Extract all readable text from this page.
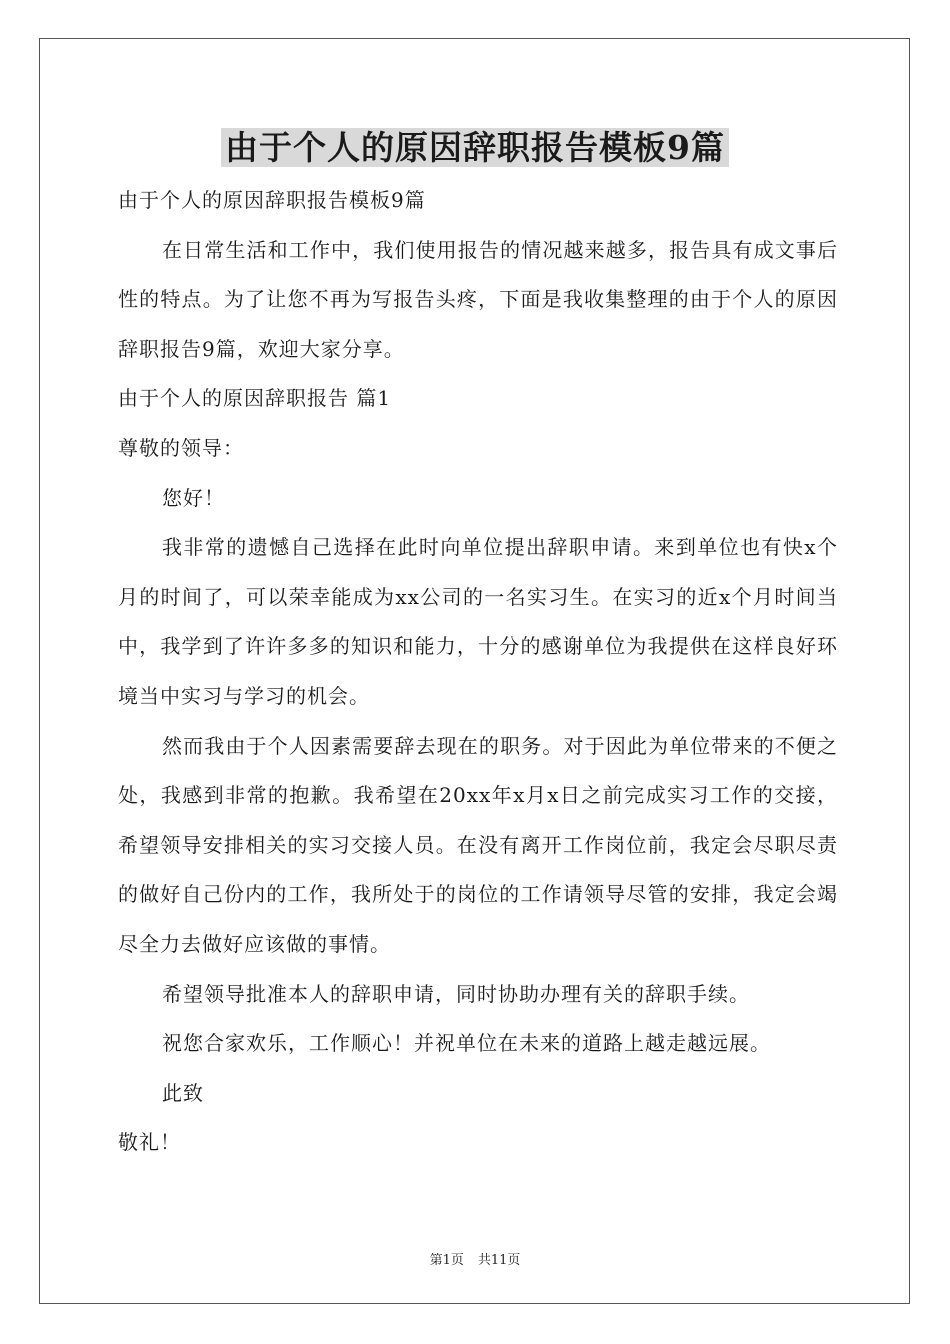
由于个人的原因辞职报告模板9篇

由于个人的原因辞职报告模板9篇

在日常生活和工作中，我们使用报告的情况越来越多，报告具有成文事后性的特点。为了让您不再为写报告头疼，下面是我收集整理的由于个人的原因辞职报告9篇，欢迎大家分享。

由于个人的原因辞职报告 篇1

尊敬的领导：

您好！

我非常的遗憾自己选择在此时向单位提出辞职申请。来到单位也有快x个月的时间了，可以荣幸能成为xx公司的一名实习生。在实习的近x个月时间当中，我学到了许许多多的知识和能力，十分的感谢单位为我提供在这样良好环境当中实习与学习的机会。

然而我由于个人因素需要辞去现在的职务。对于因此为单位带来的不便之处，我感到非常的抱歉。我希望在20xx年x月x日之前完成实习工作的交接，希望领导安排相关的实习交接人员。在没有离开工作岗位前，我定会尽职尽责的做好自己份内的工作，我所处于的岗位的工作请领导尽管的安排，我定会竭尽全力去做好应该做的事情。

希望领导批准本人的辞职申请，同时协助办理有关的辞职手续。

祝您合家欢乐，工作顺心！并祝单位在未来的道路上越走越远展。

此致

敬礼！

第1页 共11页
